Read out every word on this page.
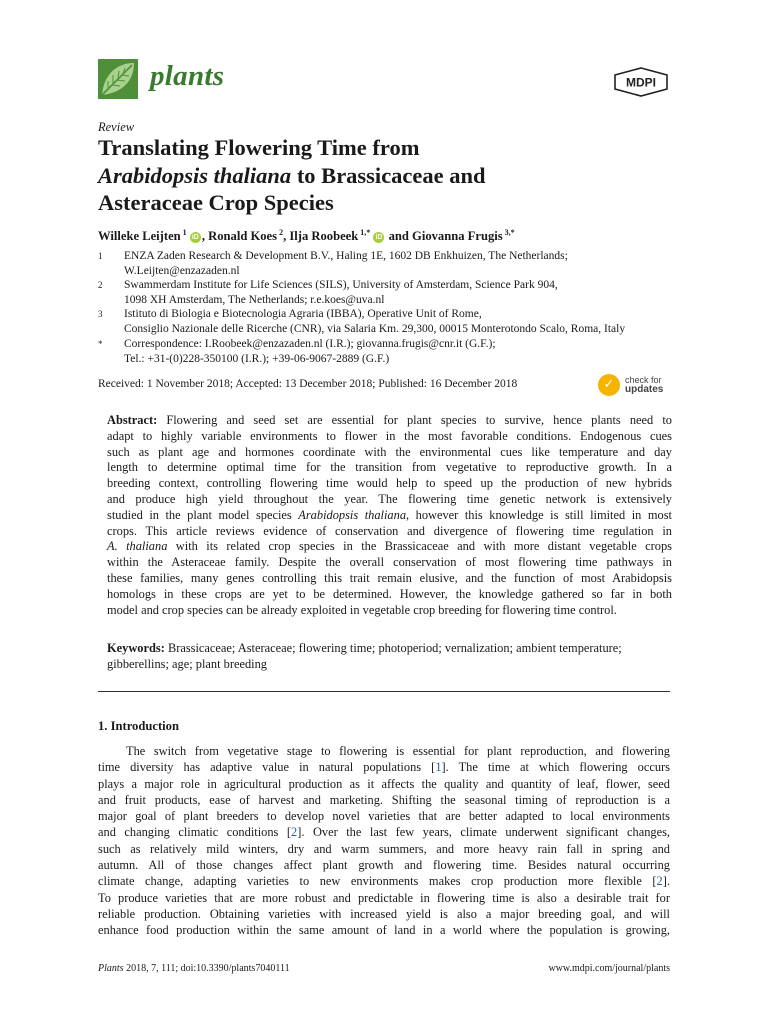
plants	MDPI
Review
Translating Flowering Time from
Arabidopsis thaliana to Brassicaceae and
Asteraceae Crop Species
Willeke Leijten $^1$ iD , Ronald Koes $^2$, Ilja Roobeek $^{1,*}$ iD and Giovanna Frugis $^{3,*}$
1 ENZA Zaden Research & Development B.V., Haling 1E, 1602 DB Enkhuizen, The Netherlands;
W.Leijten@enzazaden.nl
2 Swammerdam Institute for Life Sciences (SILS), University of Amsterdam, Science Park 904,
1098 XH Amsterdam, The Netherlands; r.e.koes@uva.nl
3 Istituto di Biologia e Biotecnologia Agraria (IBBA), Operative Unit of Rome,
Consiglio Nazionale delle Ricerche (CNR), via Salaria Km. 29,300, 00015 Monterotondo Scalo, Roma, Italy
* Correspondence: I.Roobeek@enzazaden.nl (I.R.); giovanna.frugis@cnr.it (G.F.);
Tel.: +31-(0)228-350100 (I.R.); +39-06-9067-2889 (G.F.)
Received: 1 November 2018; Accepted: 13 December 2018; Published: 16 December 2018	✓	check for
updates
Abstract: Flowering and seed set are essential for plant species to survive, hence plants need to
adapt to highly variable environments to flower in the most favorable conditions. Endogenous cues
such as plant age and hormones coordinate with the environmental cues like temperature and day
length to determine optimal time for the transition from vegetative to reproductive growth. In a
breeding context, controlling flowering time would help to speed up the production of new hybrids
and produce high yield throughout the year. The flowering time genetic network is extensively
studied in the plant model species Arabidopsis thaliana, however this knowledge is still limited in most
crops. This article reviews evidence of conservation and divergence of flowering time regulation in
A. thaliana with its related crop species in the Brassicaceae and with more distant vegetable crops
within the Asteraceae family. Despite the overall conservation of most flowering time pathways in
these families, many genes controlling this trait remain elusive, and the function of most Arabidopsis
homologs in these crops are yet to be determined. However, the knowledge gathered so far in both
model and crop species can be already exploited in vegetable crop breeding for flowering time control.
Keywords: Brassicaceae; Asteraceae; flowering time; photoperiod; vernalization; ambient temperature;
gibberellins; age; plant breeding
1. Introduction
The switch from vegetative stage to flowering is essential for plant reproduction, and flowering
time diversity has adaptive value in natural populations [1]. The time at which flowering occurs
plays a major role in agricultural production as it affects the quality and quantity of leaf, flower, seed
and fruit products, ease of harvest and marketing. Shifting the seasonal timing of reproduction is a
major goal of plant breeders to develop novel varieties that are better adapted to local environments
and changing climatic conditions [2]. Over the last few years, climate underwent significant changes,
such as relatively mild winters, dry and warm summers, and more heavy rain fall in spring and
autumn. All of those changes affect plant growth and flowering time. Besides natural occurring
climate change, adapting varieties to new environments makes crop production more flexible [2].
To produce varieties that are more robust and predictable in flowering time is also a desirable trait for
reliable production. Obtaining varieties with increased yield is also a major breeding goal, and will
enhance food production within the same amount of land in a world where the population is growing,
Plants 2018, 7, 111; doi:10.3390/plants7040111	www.mdpi.com/journal/plants
